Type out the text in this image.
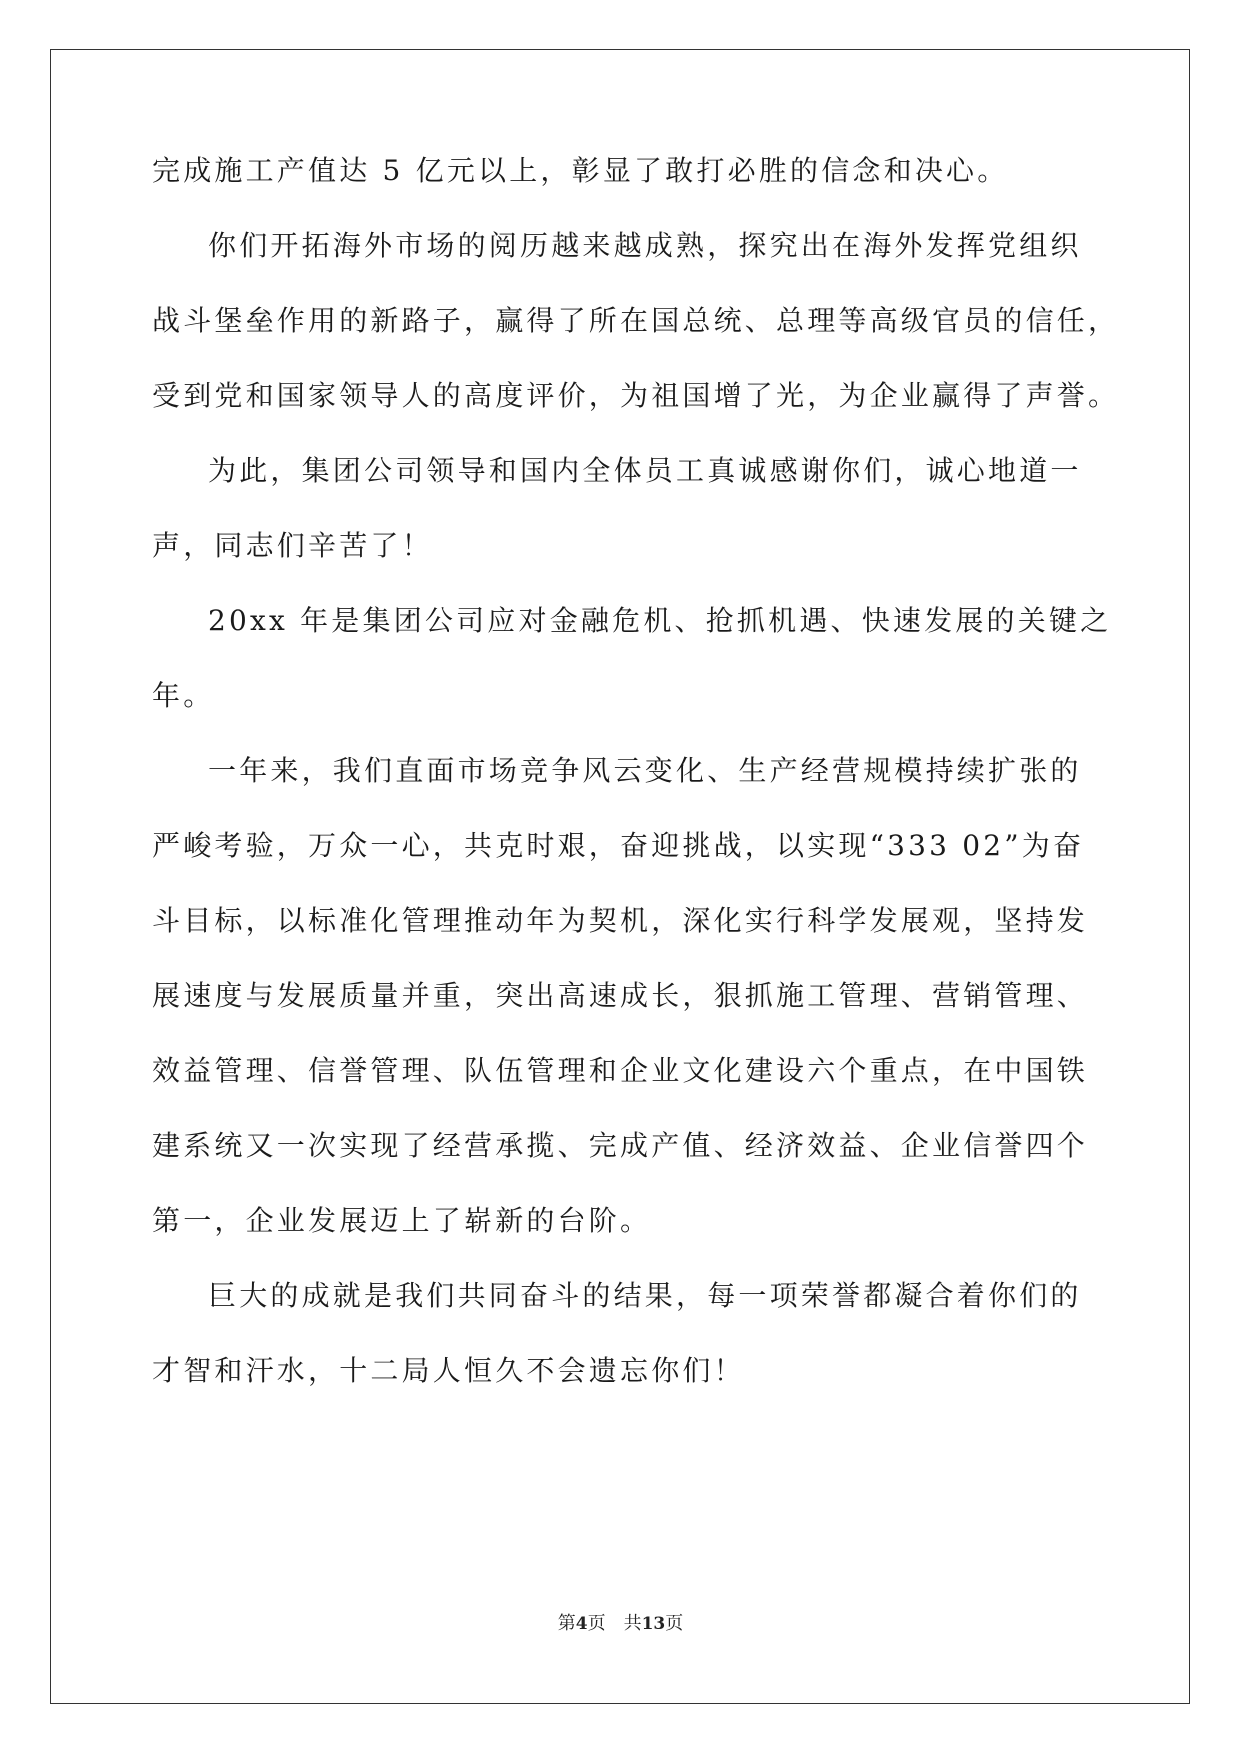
完成施工产值达 5 亿元以上，彰显了敢打必胜的信念和决心。

你们开拓海外市场的阅历越来越成熟，探究出在海外发挥党组织

战斗堡垒作用的新路子，赢得了所在国总统、总理等高级官员的信任，

受到党和国家领导人的高度评价，为祖国增了光，为企业赢得了声誉。

为此，集团公司领导和国内全体员工真诚感谢你们，诚心地道一

声，同志们辛苦了！

20xx 年是集团公司应对金融危机、抢抓机遇、快速发展的关键之

年。

一年来，我们直面市场竞争风云变化、生产经营规模持续扩张的

严峻考验，万众一心，共克时艰，奋迎挑战，以实现“333 02”为奋

斗目标，以标准化管理推动年为契机，深化实行科学发展观，坚持发

展速度与发展质量并重，突出高速成长，狠抓施工管理、营销管理、

效益管理、信誉管理、队伍管理和企业文化建设六个重点，在中国铁

建系统又一次实现了经营承揽、完成产值、经济效益、企业信誉四个

第一，企业发展迈上了崭新的台阶。

巨大的成就是我们共同奋斗的结果，每一项荣誉都凝合着你们的

才智和汗水，十二局人恒久不会遗忘你们！

第4页 共13页
